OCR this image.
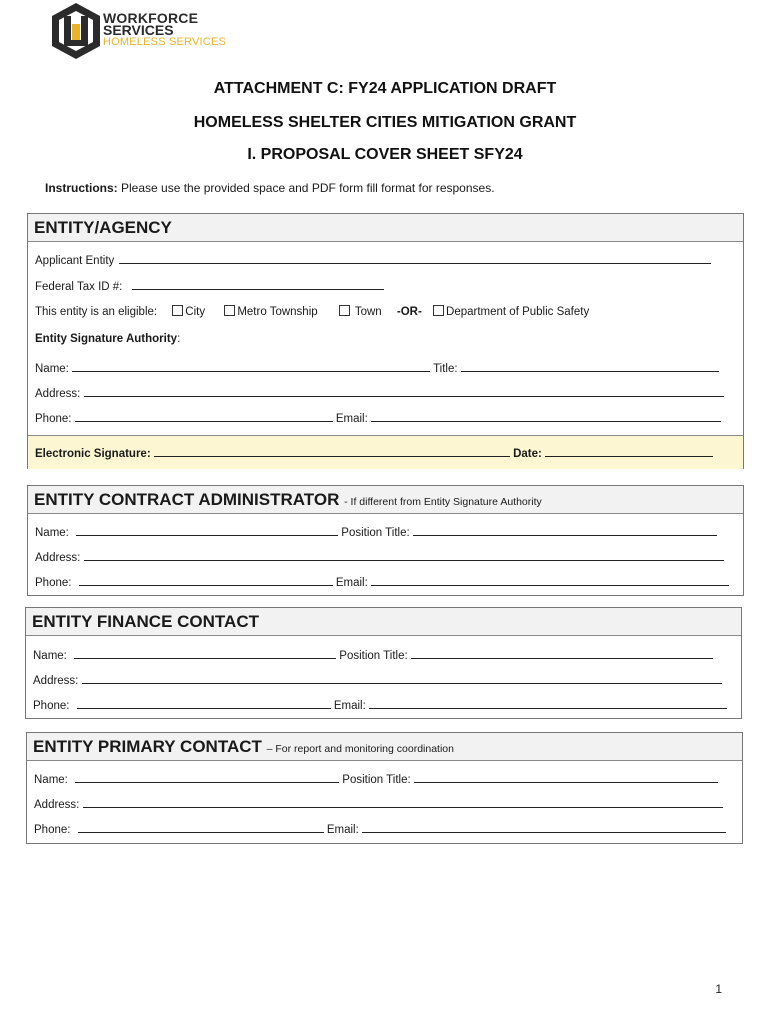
WORKFORCE
SERVICES
HOMELESS SERVICES
ATTACHMENT C: FY24 APPLICATION DRAFT
HOMELESS SHELTER CITIES MITIGATION GRANT
I. PROPOSAL COVER SHEET SFY24
Instructions: Please use the provided space and PDF form fill format for responses.
ENTITY/AGENCY
Applicant Entity
Federal Tax ID #:
This entity is an eligible: City	Metro Township	Town -OR- Department of Public Safety
Entity Signature Authority:
Name:	Title:
Address:
Phone:	Email:
Electronic Signature:	Date:
ENTITY CONTRACT ADMINISTRATOR - If different from Entity Signature Authority
Name:	Position Title:
Address:
Phone:	Email:
ENTITY FINANCE CONTACT
Name:	Position Title:
Address:
Phone:	Email:
ENTITY PRIMARY CONTACT – For report and monitoring coordination
Name:	Position Title:
Address:
Phone:	Email:
1
